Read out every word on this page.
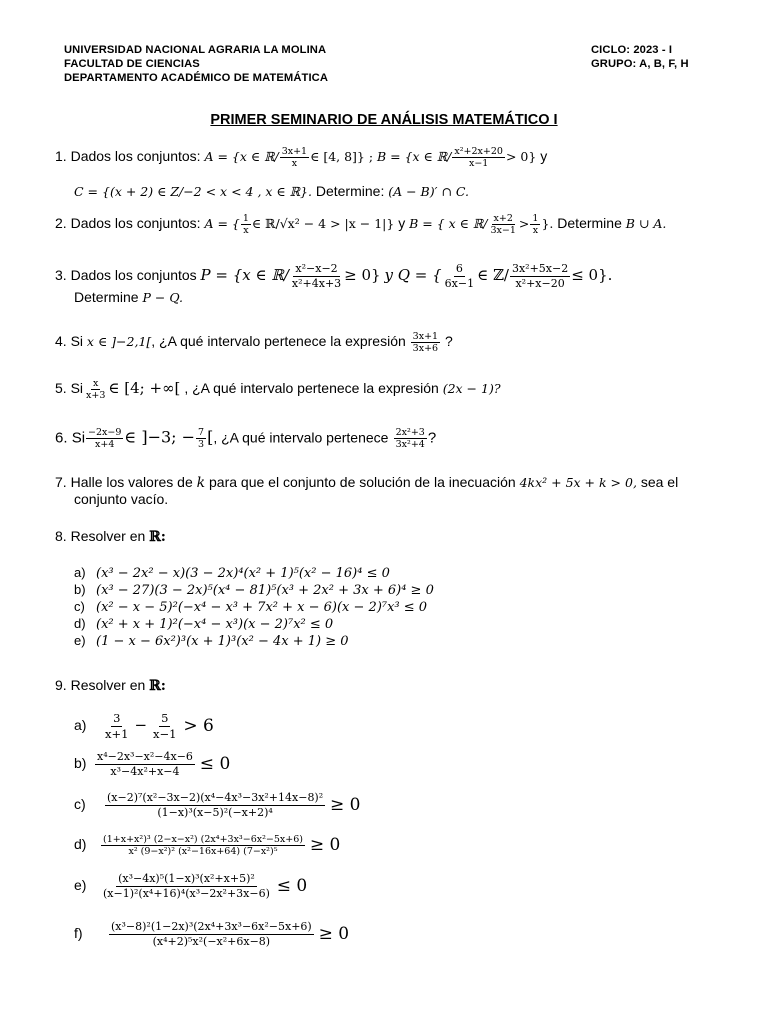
UNIVERSIDAD NACIONAL AGRARIA LA MOLINA
FACULTAD DE CIENCIAS
DEPARTAMENTO ACADÉMICO DE MATEMÁTICA
CICLO: 2023 - I
GRUPO: A, B, F, H
PRIMER SEMINARIO DE ANÁLISIS MATEMÁTICO I
1. Dados los conjuntos: A = {x ∈ ℝ/ $\frac{3x+1}{x}$ ∈ [4, 8]} ; B = {x ∈ ℝ/ $\frac{\text{x²+2x+20}}{x-1} > 0$} y
C = {(x + 2) ∈ Z/−2 < x < 4 , x ∈ ℝ}. Determine: (A − B)′ ∩ C.
2. Dados los conjuntos: A = { $\frac{1}{x}$ ∈ ℝ/√x² − 4 > |x − 1|} y B = { x ∈ ℝ/ $\frac{x+2}{3x-1} > \frac{1}{x}$ }. Determine B ∪ A.
3. Dados los conjuntos P = {x ∈ ℝ/ $\frac{\text{x²−x−2}}{\text{x²+4x+3}} \ge 0$} y Q = { $\frac{6}{6x-1}$ ∈ ℤ/ $\frac{\text{3x²+5x−2}}{\text{x²+x−20}} \le 0$}.
Determine P − Q.
4. Si x ∈ ]−2,1[, ¿A qué intervalo pertenece la expresión $\frac{3x+1}{3x+6}$ ?
5. Si $\frac{x}{x+3}$ ∈ [4; +∞[ , ¿A qué intervalo pertenece la expresión (2x − 1)?
6. Si $\frac{-2x-9}{x+4}$ ∈ ]−3; − $\frac{7}{3}$ [, ¿A qué intervalo pertenece $\frac{\text{2x²+3}}{\text{3x²+4}}$ ?
7. Halle los valores de k para que el conjunto de solución de la inecuación 4kx² + 5x + k > 0, sea el
conjunto vacío.
8. Resolver en ℝ:
a) (x³ − 2x² − x)(3 − 2x)⁴(x² + 1)⁵(x² − 16)⁴ ≤ 0
b) (x³ − 27)(3 − 2x)⁵(x⁴ − 81)⁵(x³ + 2x² + 3x + 6)⁴ ≥ 0
c) (x² − x − 5)²(−x⁴ − x³ + 7x² + x − 6)(x − 2)⁷x³ ≤ 0
d) (x² + x + 1)²(−x⁴ − x³)(x − 2)⁷x² ≤ 0
e) (1 − x − 6x²)³(x + 1)³(x² − 4x + 1) ≥ 0
9. Resolver en ℝ:
$a) \frac{3}{x+1} - \frac{5}{x-1} > 6$
$b) \frac{\text{x⁴−2x³−x²−4x−6}}{\text{x³−4x²+x−4}} \le 0$
$c) \frac{\text{(x−2)⁷(x²−3x−2)(x⁴−4x³−3x²+14x−8)²}}{\text{(1−x)³(x−5)²(−x+2)⁴}} \ge 0$
$d) \frac{\text{(1+x+x²)³ (2−x−x²) (2x⁴+3x³−6x²−5x+6)}}{\text{x² (9−x²)² (x²−16x+64) (7−x²)⁵}} \ge 0$
$e) \frac{\text{(x³−4x)⁵(1−x)³(x²+x+5)²}}{\text{(x−1)²(x⁴+16)⁴(x³−2x²+3x−6)}} \le 0$
$f) \frac{\text{(x³−8)²(1−2x)³(2x⁴+3x³−6x²−5x+6)}}{\text{(x⁴+2)⁵x²(−x²+6x−8)}} \ge 0$
